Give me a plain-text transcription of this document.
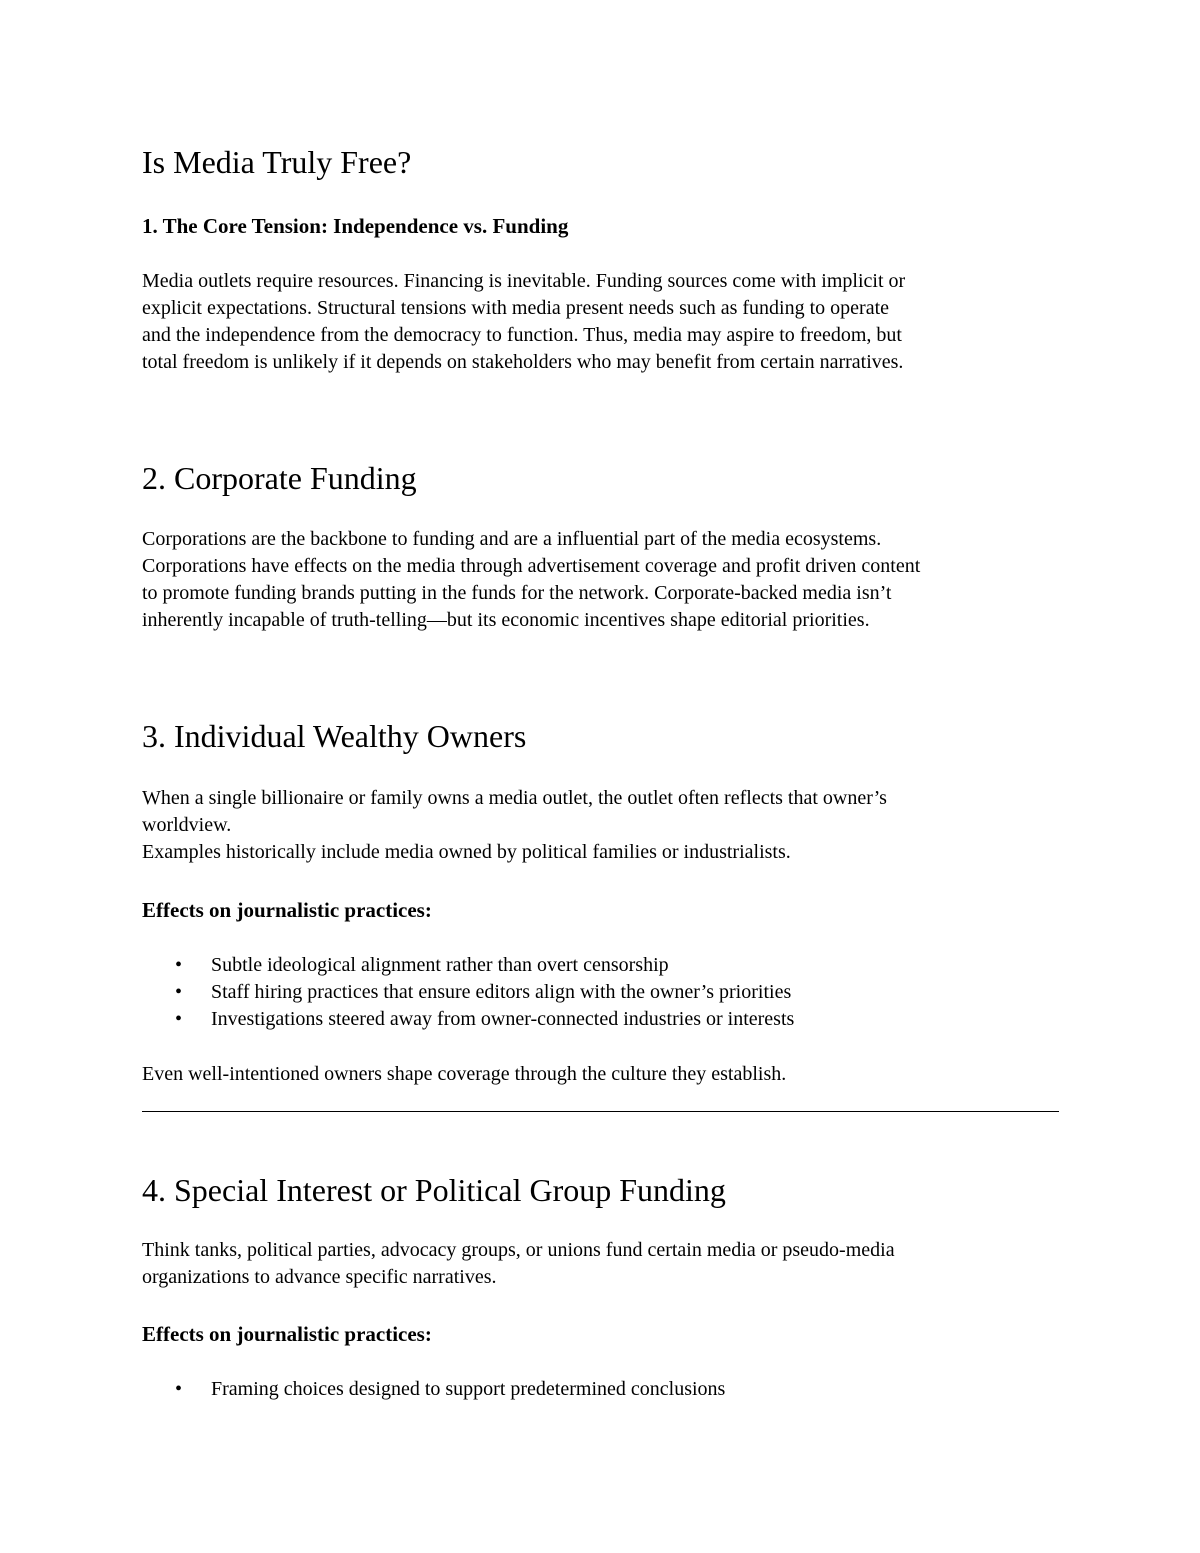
Is Media Truly Free?
1. The Core Tension: Independence vs. Funding

Media outlets require resources. Financing is inevitable. Funding sources come with implicit or
explicit expectations. Structural tensions with media present needs such as funding to operate
and the independence from the democracy to function. Thus, media may aspire to freedom, but
total freedom is unlikely if it depends on stakeholders who may benefit from certain narratives.

2. Corporate Funding

Corporations are the backbone to funding and are a influential part of the media ecosystems.
Corporations have effects on the media through advertisement coverage and profit driven content
to promote funding brands putting in the funds for the network. Corporate-backed media isn’t
inherently incapable of truth-telling—but its economic incentives shape editorial priorities.

3. Individual Wealthy Owners

When a single billionaire or family owns a media outlet, the outlet often reflects that owner’s
worldview.
Examples historically include media owned by political families or industrialists.

Effects on journalistic practices:
• Subtle ideological alignment rather than overt censorship
• Staff hiring practices that ensure editors align with the owner’s priorities
• Investigations steered away from owner-connected industries or interests

Even well-intentioned owners shape coverage through the culture they establish.

4. Special Interest or Political Group Funding

Think tanks, political parties, advocacy groups, or unions fund certain media or pseudo-media
organizations to advance specific narratives.

Effects on journalistic practices:
• Framing choices designed to support predetermined conclusions
